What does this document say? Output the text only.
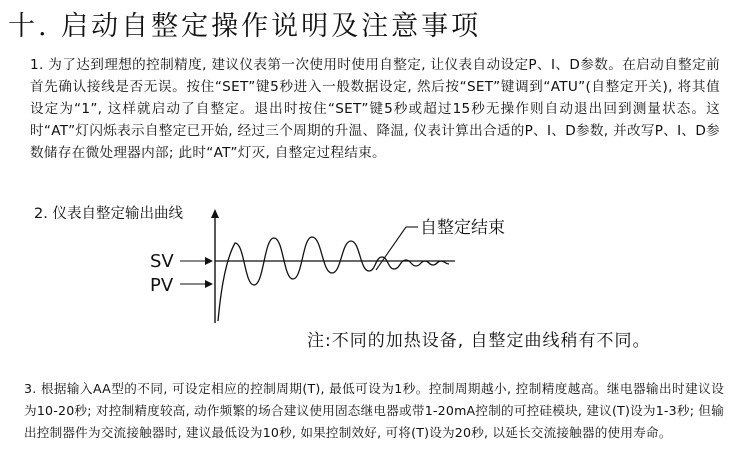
十. 启动自整定操作说明及注意事项
1. 为了达到理想的控制精度, 建议仪表第一次使用时使用自整定, 让仪表自动设定P、I、D参数。在启动自整定前首先确认接线是否无误。按住“SET”键5秒进入一般数据设定, 然后按“SET”键调到“ATU”(自整定开关), 将其值设定为“1”, 这样就启动了自整定。退出时按住“SET”键5秒或超过15秒无操作则自动退出回到测量状态。这时“AT”灯闪烁表示自整定已开始, 经过三个周期的升温、降温, 仪表计算出合适的P、I、D参数, 并改写P、I、D参数储存在微处理器内部; 此时“AT”灯灭, 自整定过程结束。
2. 仪表自整定输出曲线
SV
PV
自整定结束
注:不同的加热设备, 自整定曲线稍有不同。
3. 根据输入AA型的不同, 可设定相应的控制周期(T), 最低可设为1秒。控制周期越小, 控制精度越高。继电器输出时建议设为10-20秒; 对控制精度较高, 动作频繁的场合建议使用固态继电器或带1-20mA控制的可控硅模块, 建议(T)设为1-3秒; 但输出控制器件为交流接触器时, 建议最低设为10秒, 如果控制效好, 可将(T)设为20秒, 以延长交流接触器的使用寿命。
